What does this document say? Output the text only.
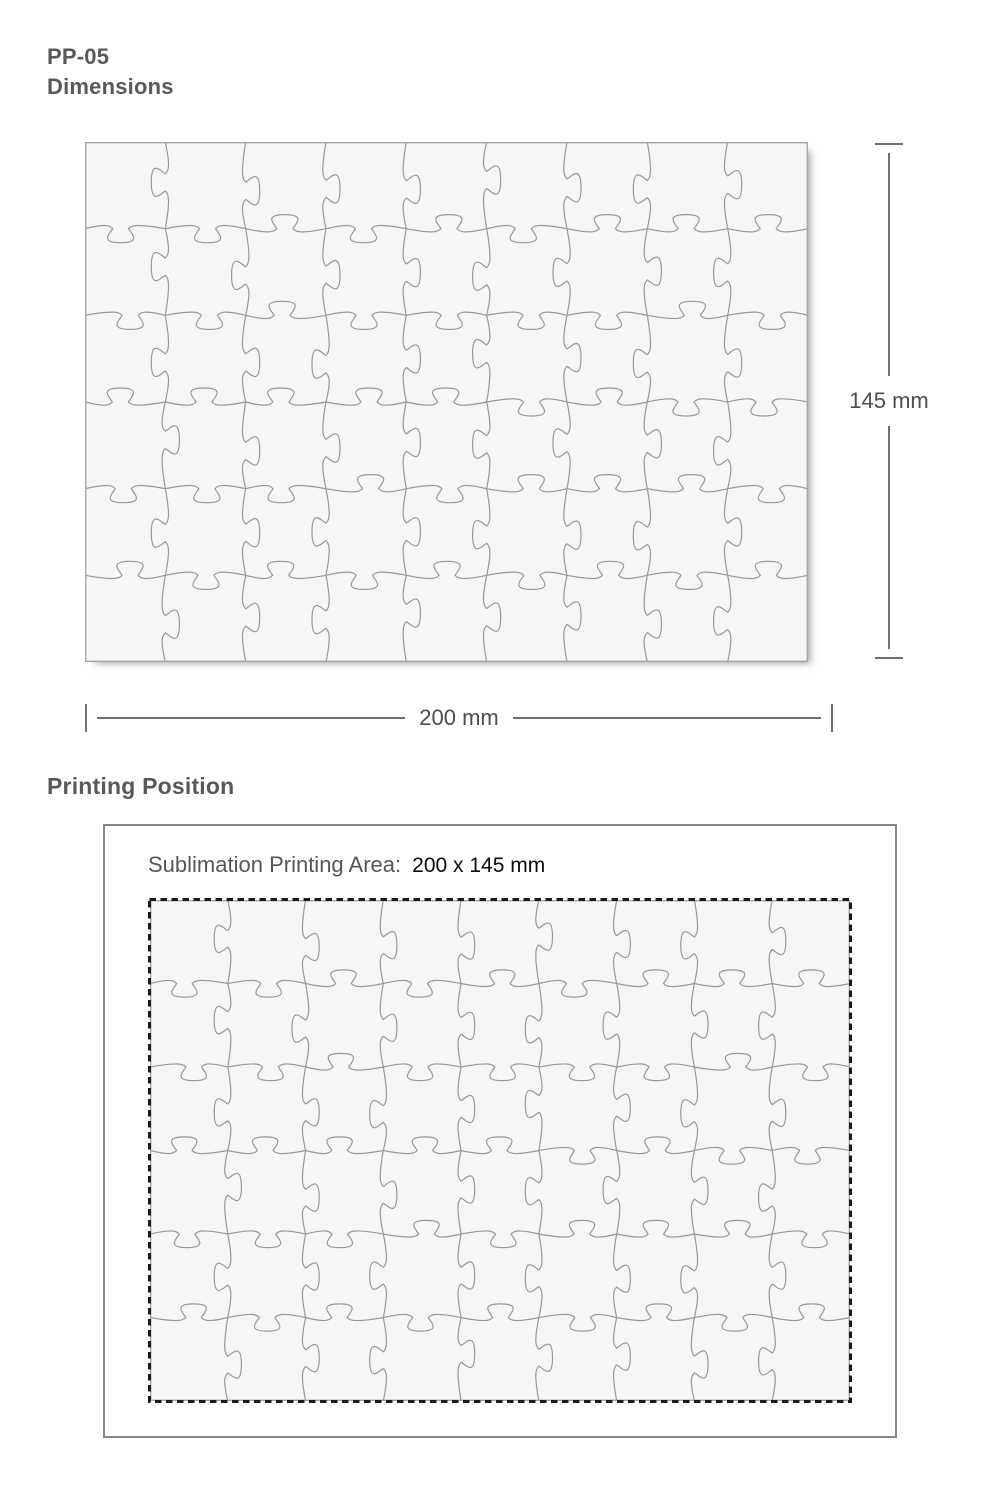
PP-05
Dimensions
145 mm
200 mm
Printing Position
Sublimation Printing Area: 200 x 145 mm
